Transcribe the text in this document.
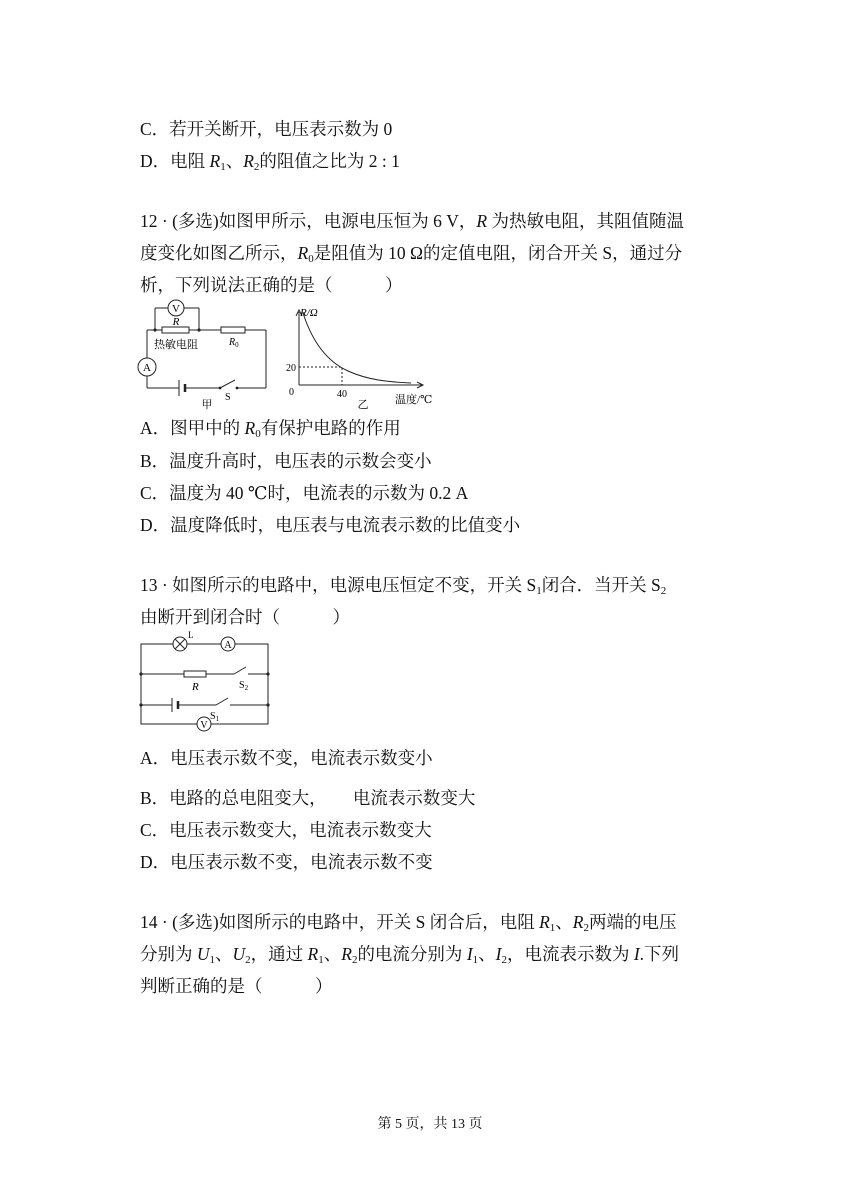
C．若开关断开，电压表示数为 0
D．电阻 $R_1$、$R_2$的阻值之比为 2 : 1
12 · (多选)如图甲所示，电源电压恒为 6 V，R 为热敏电阻，其阻值随温
度变化如图乙所示，$R_0$是阻值为 10 Ω的定值电阻，闭合开关 S，通过分
析，下列说法正确的是（　　　）
V
R
热敏电阻	$R_0$
A
S
甲
R/Ω
20
0	40
乙 温度/℃
A．图甲中的 $R_0$有保护电路的作用
B．温度升高时，电压表的示数会变小
C．温度为 40 ℃时，电流表的示数为 0.2 A
D．温度降低时，电压表与电流表示数的比值变小
13 · 如图所示的电路中，电源电压恒定不变，开关 $S_1$闭合．当开关 $S_2$
由断开到闭合时（　　　）
L
A
R	$S_2$
$S_1$
V
A．电压表示数不变，电流表示数变小
B．电路的总电阻变大，　　电流表示数变大
C．电压表示数变大，电流表示数变大
D．电压表示数不变，电流表示数不变
14 · (多选)如图所示的电路中，开关 S 闭合后，电阻 $R_1$、$R_2$两端的电压
分别为 $U_1$、$U_2$，通过 $R_1$、$R_2$的电流分别为 $I_1$、$I_2$，电流表示数为 I.下列
判断正确的是（　　　）
第 5 页，共 13 页
